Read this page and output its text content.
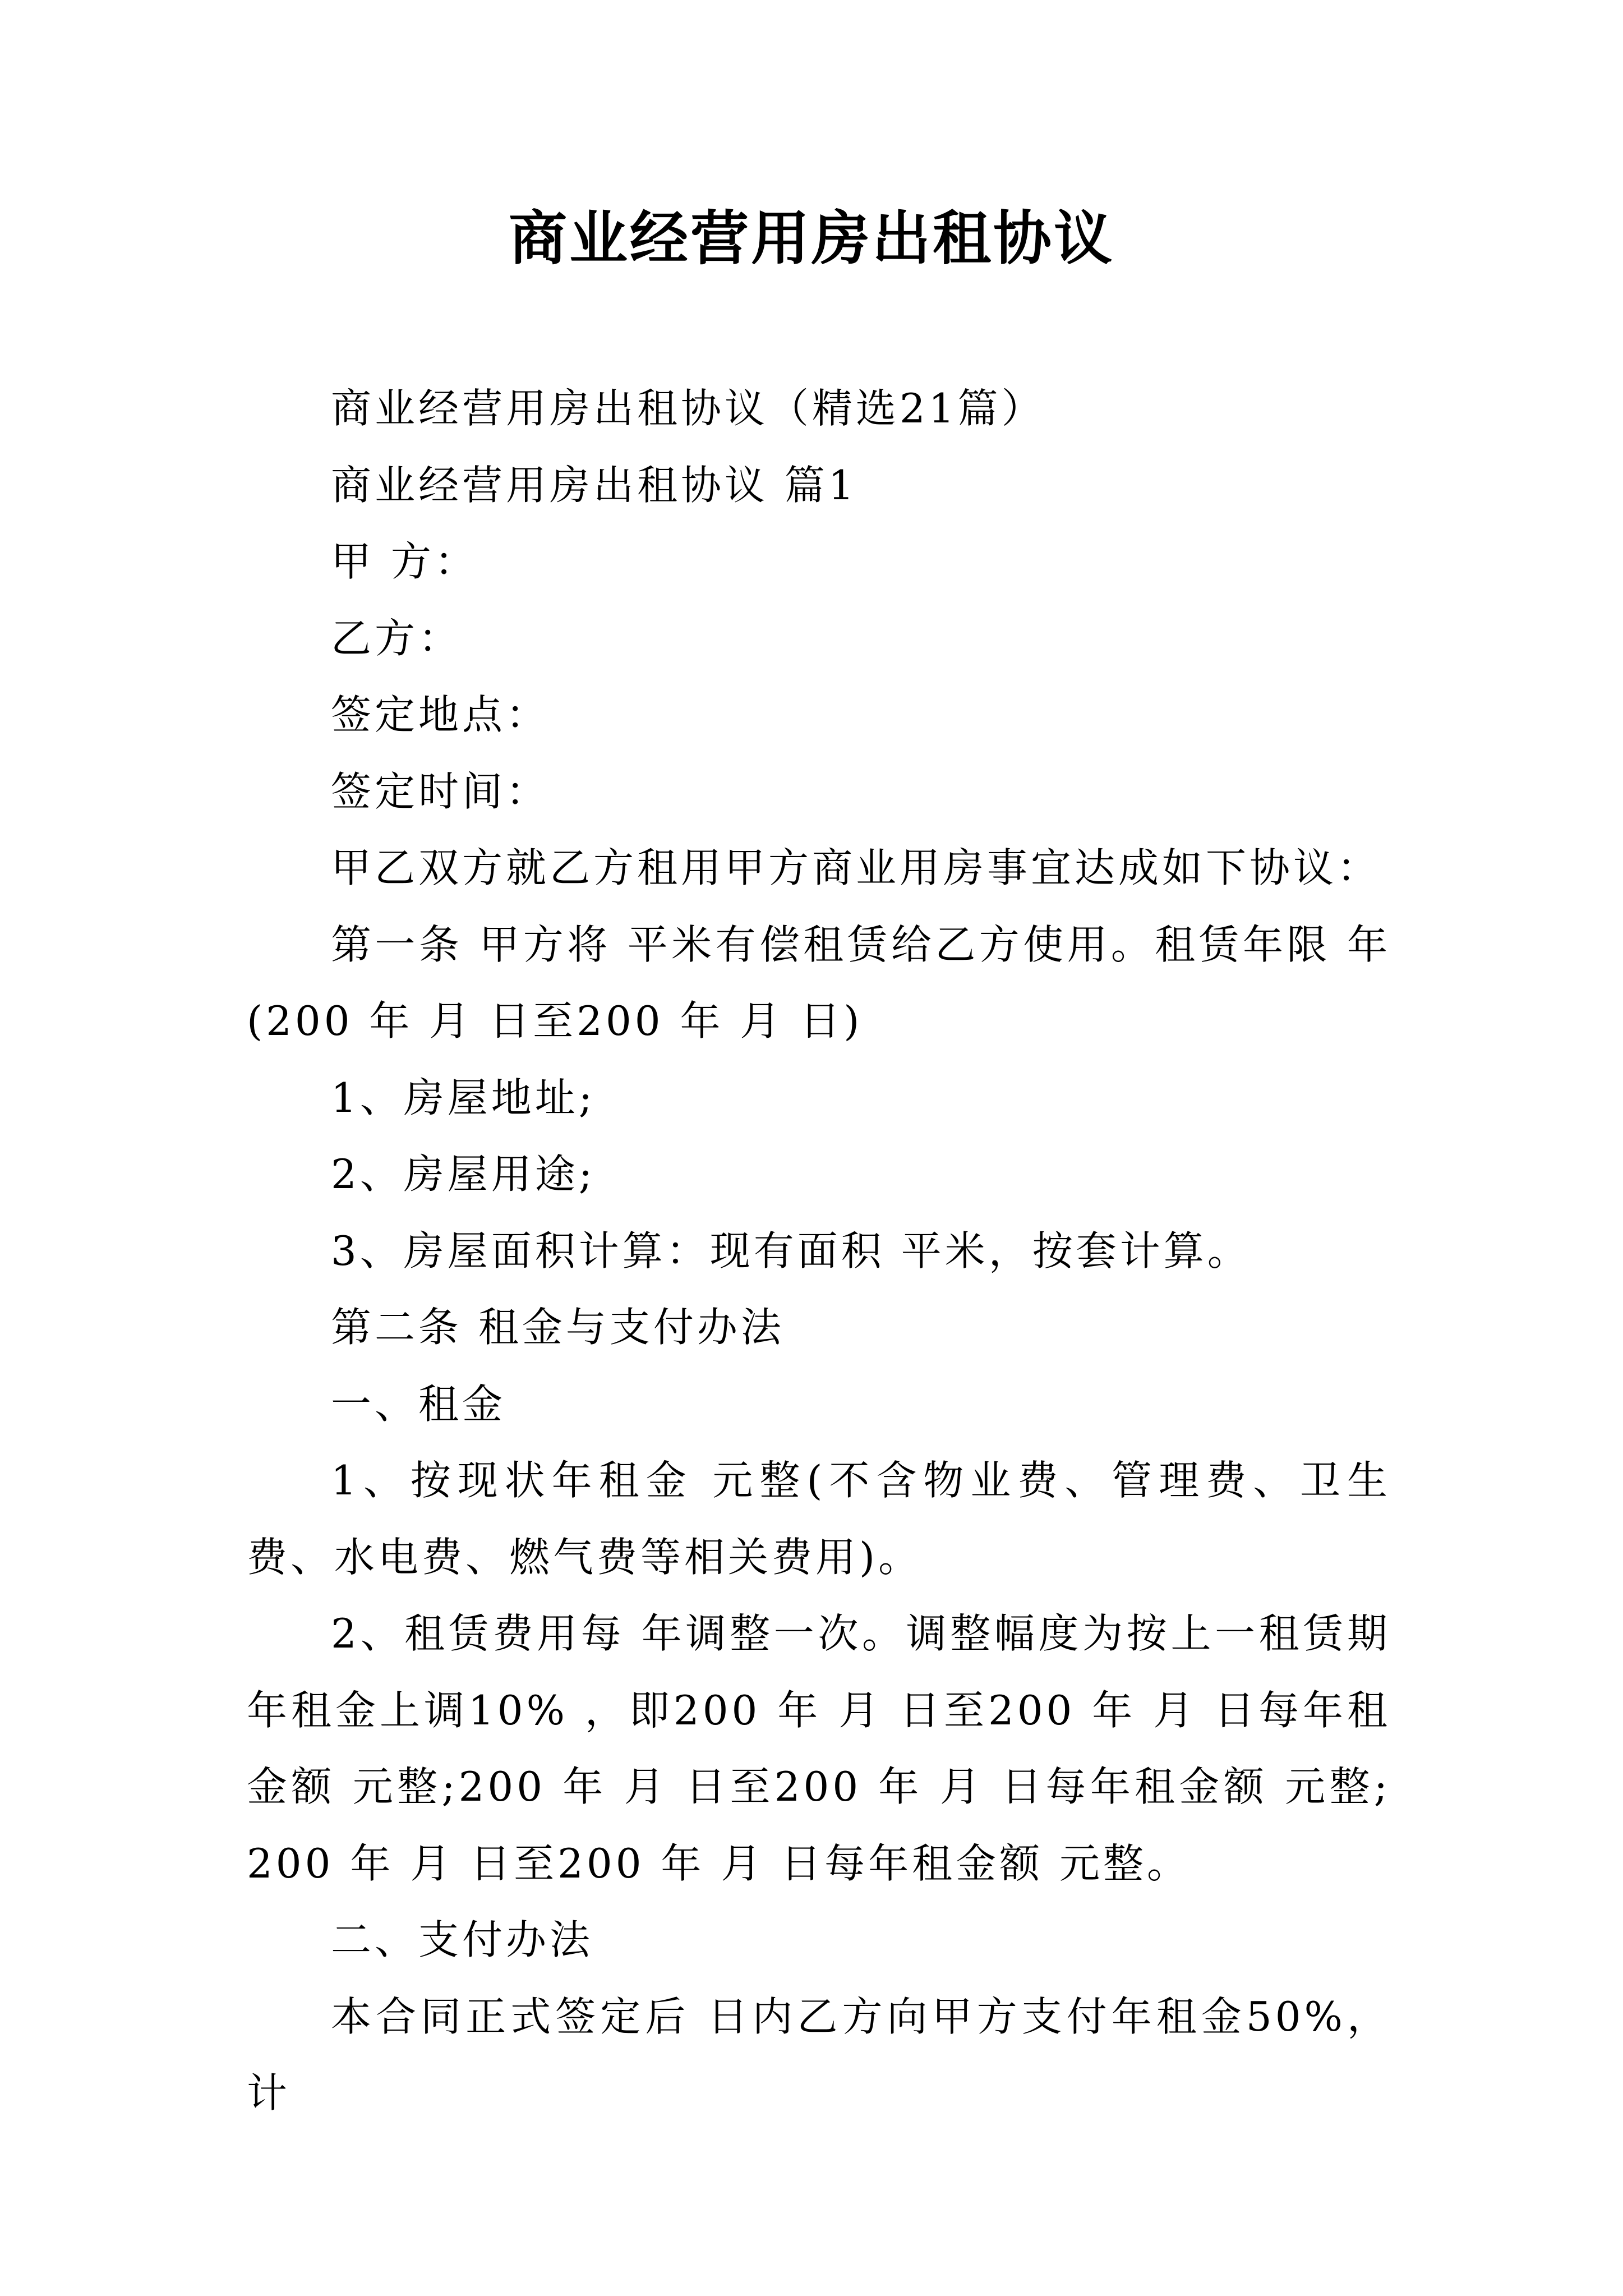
商业经营用房出租协议
商业经营用房出租协议（精选21篇）
商业经营用房出租协议 篇1
甲 方：
乙方：
签定地点：
签定时间：
甲乙双方就乙方租用甲方商业用房事宜达成如下协议：
第一条 甲方将 平米有偿租赁给乙方使用。租赁年限 年(200 年 月 日至200 年 月 日)
1、房屋地址;
2、房屋用途;
3、房屋面积计算：现有面积 平米，按套计算。
第二条 租金与支付办法
一、租金
1、按现状年租金 元整(不含物业费、管理费、卫生费、水电费、燃气费等相关费用)。
2、租赁费用每 年调整一次。调整幅度为按上一租赁期年租金上调10% ，即200 年 月 日至200 年 月 日每年租金额 元整;200 年 月 日至200 年 月 日每年租金额 元整;200 年 月 日至200 年 月 日每年租金额 元整。
二、支付办法
本合同正式签定后 日内乙方向甲方支付年租金50%，计
